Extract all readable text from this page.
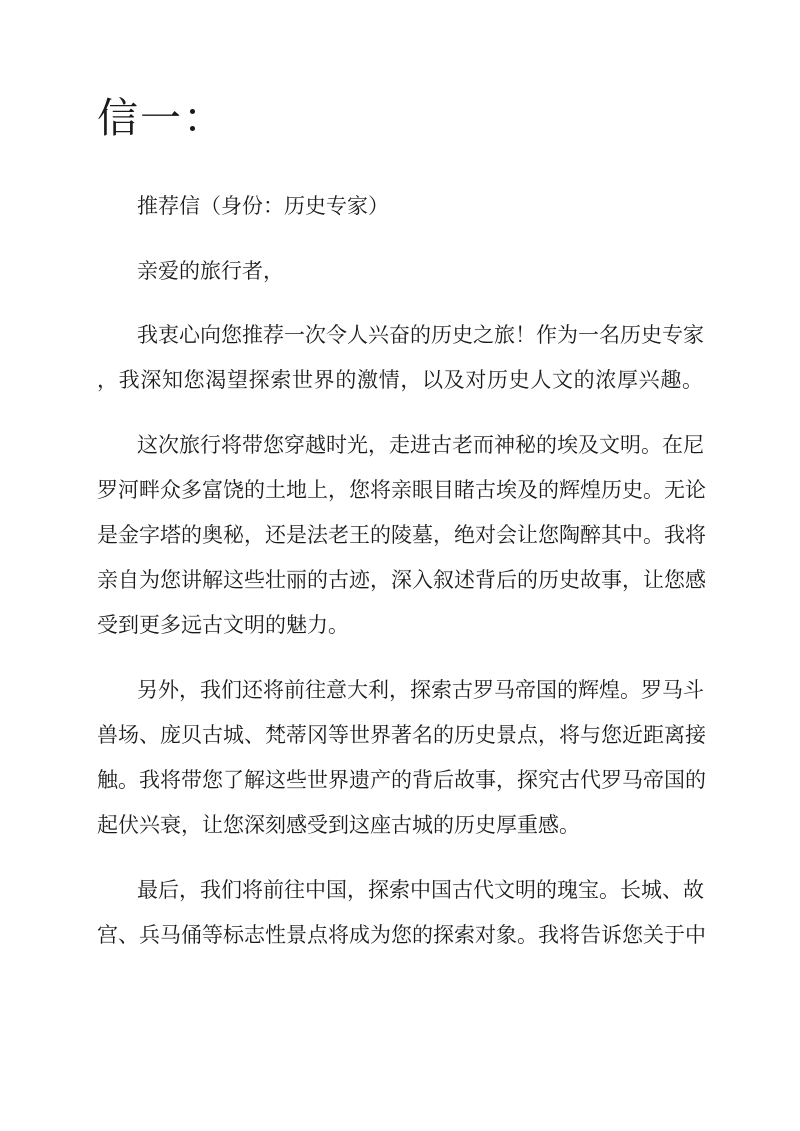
信一：

推荐信（身份：历史专家）

亲爱的旅行者，

我衷心向您推荐一次令人兴奋的历史之旅！作为一名历史专家

，我深知您渴望探索世界的激情，以及对历史人文的浓厚兴趣。

这次旅行将带您穿越时光，走进古老而神秘的埃及文明。在尼

罗河畔众多富饶的土地上，您将亲眼目睹古埃及的辉煌历史。无论

是金字塔的奥秘，还是法老王的陵墓，绝对会让您陶醉其中。我将

亲自为您讲解这些壮丽的古迹，深入叙述背后的历史故事，让您感

受到更多远古文明的魅力。

另外，我们还将前往意大利，探索古罗马帝国的辉煌。罗马斗

兽场、庞贝古城、梵蒂冈等世界著名的历史景点，将与您近距离接

触。我将带您了解这些世界遗产的背后故事，探究古代罗马帝国的

起伏兴衰，让您深刻感受到这座古城的历史厚重感。

最后，我们将前往中国，探索中国古代文明的瑰宝。长城、故

宫、兵马俑等标志性景点将成为您的探索对象。我将告诉您关于中
